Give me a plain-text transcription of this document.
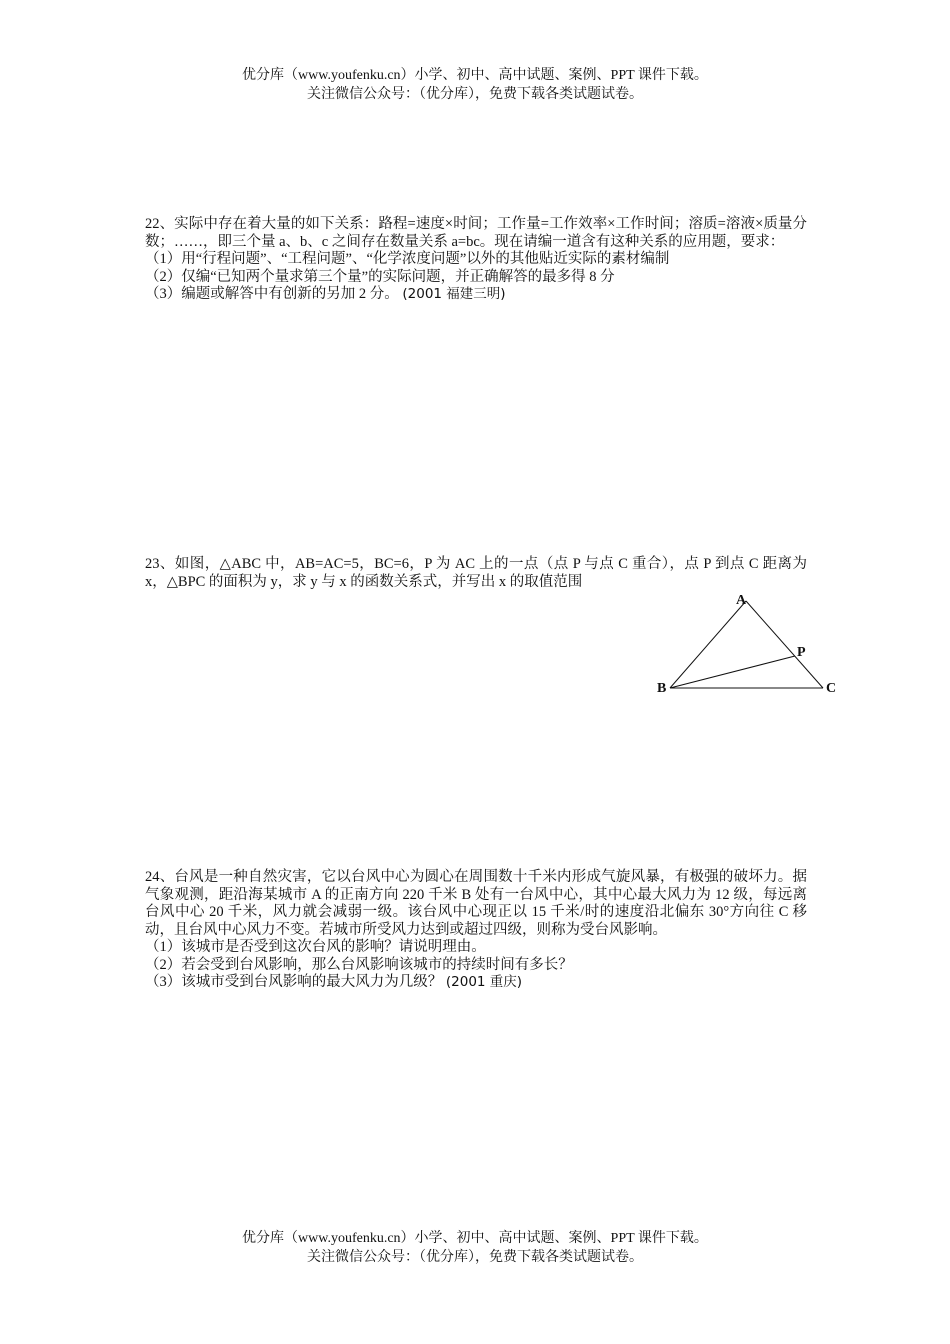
优分库（www.youfenku.cn）小学、初中、高中试题、案例、PPT 课件下载。
关注微信公众号：（优分库），免费下载各类试题试卷。

22、实际中存在着大量的如下关系：路程=速度×时间；工作量=工作效率×工作时间；溶质=溶液×质量分数；……，即三个量 a、b、c 之间存在数量关系 a=bc。现在请编一道含有这种关系的应用题，要求：

（1）用“行程问题”、“工程问题”、“化学浓度问题”以外的其他贴近实际的素材编制

（2）仅编“已知两个量求第三个量”的实际问题，并正确解答的最多得 8 分

（3）编题或解答中有创新的另加 2 分。 (2001 福建三明)

23、如图，△ABC 中，AB=AC=5，BC=6，P 为 AC 上的一点（点 P 与点 C 重合），点 P 到点 C 距离为 x，△BPC 的面积为 y，求 y 与 x 的函数关系式，并写出 x 的取值范围

A
B	C
P

24、台风是一种自然灾害，它以台风中心为圆心在周围数十千米内形成气旋风暴，有极强的破坏力。据气象观测，距沿海某城市 A 的正南方向 220 千米 B 处有一台风中心，其中心最大风力为 12 级，每远离台风中心 20 千米，风力就会减弱一级。该台风中心现正以 15 千米/时的速度沿北偏东 30°方向往 C 移动，且台风中心风力不变。若城市所受风力达到或超过四级，则称为受台风影响。

（1）该城市是否受到这次台风的影响？请说明理由。

（2）若会受到台风影响，那么台风影响该城市的持续时间有多长？

（3）该城市受到台风影响的最大风力为几级？ (2001 重庆)

优分库（www.youfenku.cn）小学、初中、高中试题、案例、PPT 课件下载。
关注微信公众号：（优分库），免费下载各类试题试卷。
